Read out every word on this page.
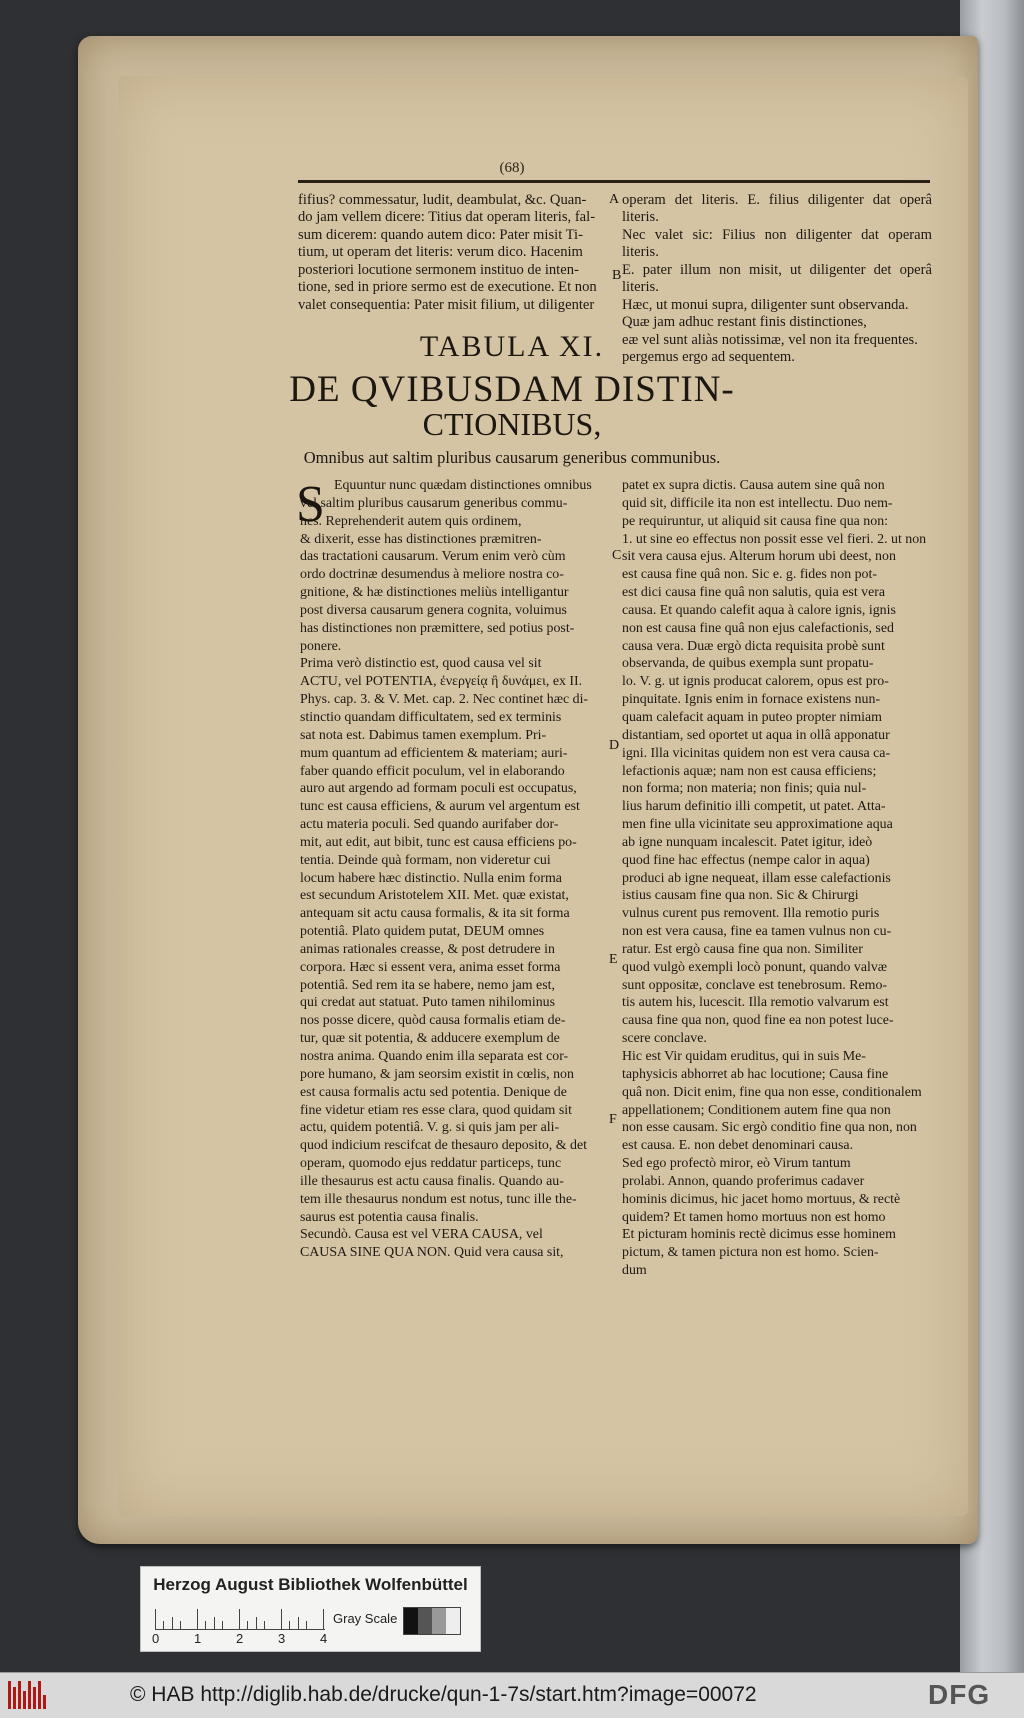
(68)

fifius? commessatur, ludit, deambulat, &c. Quan-
do jam vellem dicere: Titius dat operam literis, fal-
sum dicerem: quando autem dico: Pater misit Ti-
tium, ut operam det literis: verum dico. Hacenim
posteriori locutione sermonem instituo de inten-
tione, sed in priore sermo est de executione. Et non
valet consequentia: Pater misit filium, ut diligenter

operam det literis. E. filius diligenter dat operâ literis.
Nec valet sic: Filius non diligenter dat operam literis.
E. pater illum non misit, ut diligenter det operâ literis.
Hæc, ut monui supra, diligenter sunt observanda.
Quæ jam adhuc restant finis distinctiones,
eæ vel sunt aliàs notissimæ, vel non ita frequentes.
pergemus ergo ad sequentem.

TABULA XI.
DE QVIBUSDAM DISTIN-
CTIONIBUS,
Omnibus aut saltim pluribus causarum generibus communibus.
S Equuntur nunc quædam distinctiones omnibus
vel saltim pluribus causarum generibus commu-
nes. Reprehenderit autem quis ordinem,
& dixerit, esse has distinctiones præmitren-
das tractationi causarum. Verum enim verò cùm
ordo doctrinæ desumendus à meliore nostra co-
gnitione, & hæ distinctiones meliùs intelligantur
post diversa causarum genera cognita, voluimus
has distinctiones non præmittere, sed potius post-
ponere.
Prima verò distinctio est, quod causa vel sit
ACTU, vel POTENTIA, ἐνεργείᾳ ἢ δυνάμει, ex II.
Phys. cap. 3. & V. Met. cap. 2. Nec continet hæc di-
stinctio quandam difficultatem, sed ex terminis
sat nota est. Dabimus tamen exemplum. Pri-
mum quantum ad efficientem & materiam; auri-
faber quando efficit poculum, vel in elaborando
auro aut argendo ad formam poculi est occupatus,
tunc est causa efficiens, & aurum vel argentum est
actu materia poculi. Sed quando aurifaber dor-
mit, aut edit, aut bibit, tunc est causa efficiens po-
tentia. Deinde quà formam, non videretur cui
locum habere hæc distinctio. Nulla enim forma
est secundum Aristotelem XII. Met. quæ existat,
antequam sit actu causa formalis, & ita sit forma
potentiâ. Plato quidem putat, DEUM omnes
animas rationales creasse, & post detrudere in
corpora. Hæc si essent vera, anima esset forma
potentiâ. Sed rem ita se habere, nemo jam est,
qui credat aut statuat. Puto tamen nihilominus
nos posse dicere, quòd causa formalis etiam de-
tur, quæ sit potentia, & adducere exemplum de
nostra anima. Quando enim illa separata est cor-
pore humano, & jam seorsim existit in cœlis, non
est causa formalis actu sed potentia. Denique de
fine videtur etiam res esse clara, quod quidam sit
actu, quidem potentiâ. V. g. si quis jam per ali-
quod indicium rescifcat de thesauro deposito, & det
operam, quomodo ejus reddatur particeps, tunc
ille thesaurus est actu causa finalis. Quando au-
tem ille thesaurus nondum est notus, tunc ille the-
saurus est potentia causa finalis.
Secundò. Causa est vel VERA CAUSA, vel
CAUSA SINE QUA NON. Quid vera causa sit,

patet ex supra dictis. Causa autem sine quâ non
quid sit, difficile ita non est intellectu. Duo nem-
pe requiruntur, ut aliquid sit causa fine qua non:
1. ut sine eo effectus non possit esse vel fieri. 2. ut non
sit vera causa ejus. Alterum horum ubi deest, non
est causa fine quâ non. Sic e. g. fides non pot-
est dici causa fine quâ non salutis, quia est vera
causa. Et quando calefit aqua à calore ignis, ignis
non est causa fine quâ non ejus calefactionis, sed
causa vera. Duæ ergò dicta requisita probè sunt
observanda, de quibus exempla sunt propatu-
lo. V. g. ut ignis producat calorem, opus est pro-
pinquitate. Ignis enim in fornace existens nun-
quam calefacit aquam in puteo propter nimiam
distantiam, sed oportet ut aqua in ollâ apponatur
igni. Illa vicinitas quidem non est vera causa ca-
lefactionis aquæ; nam non est causa efficiens;
non forma; non materia; non finis; quia nul-
lius harum definitio illi competit, ut patet. Atta-
men fine ulla vicinitate seu approximatione aqua
ab igne nunquam incalescit. Patet igitur, ideò
quod fine hac effectus (nempe calor in aqua)
produci ab igne nequeat, illam esse calefactionis
istius causam fine qua non. Sic & Chirurgi
vulnus curent pus removent. Illa remotio puris
non est vera causa, fine ea tamen vulnus non cu-
ratur. Est ergò causa fine qua non. Similiter
quod vulgò exempli locò ponunt, quando valvæ
sunt oppositæ, conclave est tenebrosum. Remo-
tis autem his, lucescit. Illa remotio valvarum est
causa fine qua non, quod fine ea non potest luce-
scere conclave.
Hic est Vir quidam eruditus, qui in suis Me-
taphysicis abhorret ab hac locutione; Causa fine
quâ non. Dicit enim, fine qua non esse, conditionalem
appellationem; Conditionem autem fine qua non
non esse causam. Sic ergò conditio fine qua non, non
est causa. E. non debet denominari causa.
Sed ego profectò miror, eò Virum tantum
prolabi. Annon, quando proferimus cadaver
hominis dicimus, hic jacet homo mortuus, & rectè
quidem? Et tamen homo mortuus non est homo
Et picturam hominis rectè dicimus esse hominem
pictum, & tamen pictura non est homo. Scien-
dum

A
B
C
D
E
F
Herzog August Bibliothek Wolfenbüttel
0	1	2	3	4
Gray Scale
© HAB http://diglib.hab.de/drucke/qun-1-7s/start.htm?image=00072	DFG
